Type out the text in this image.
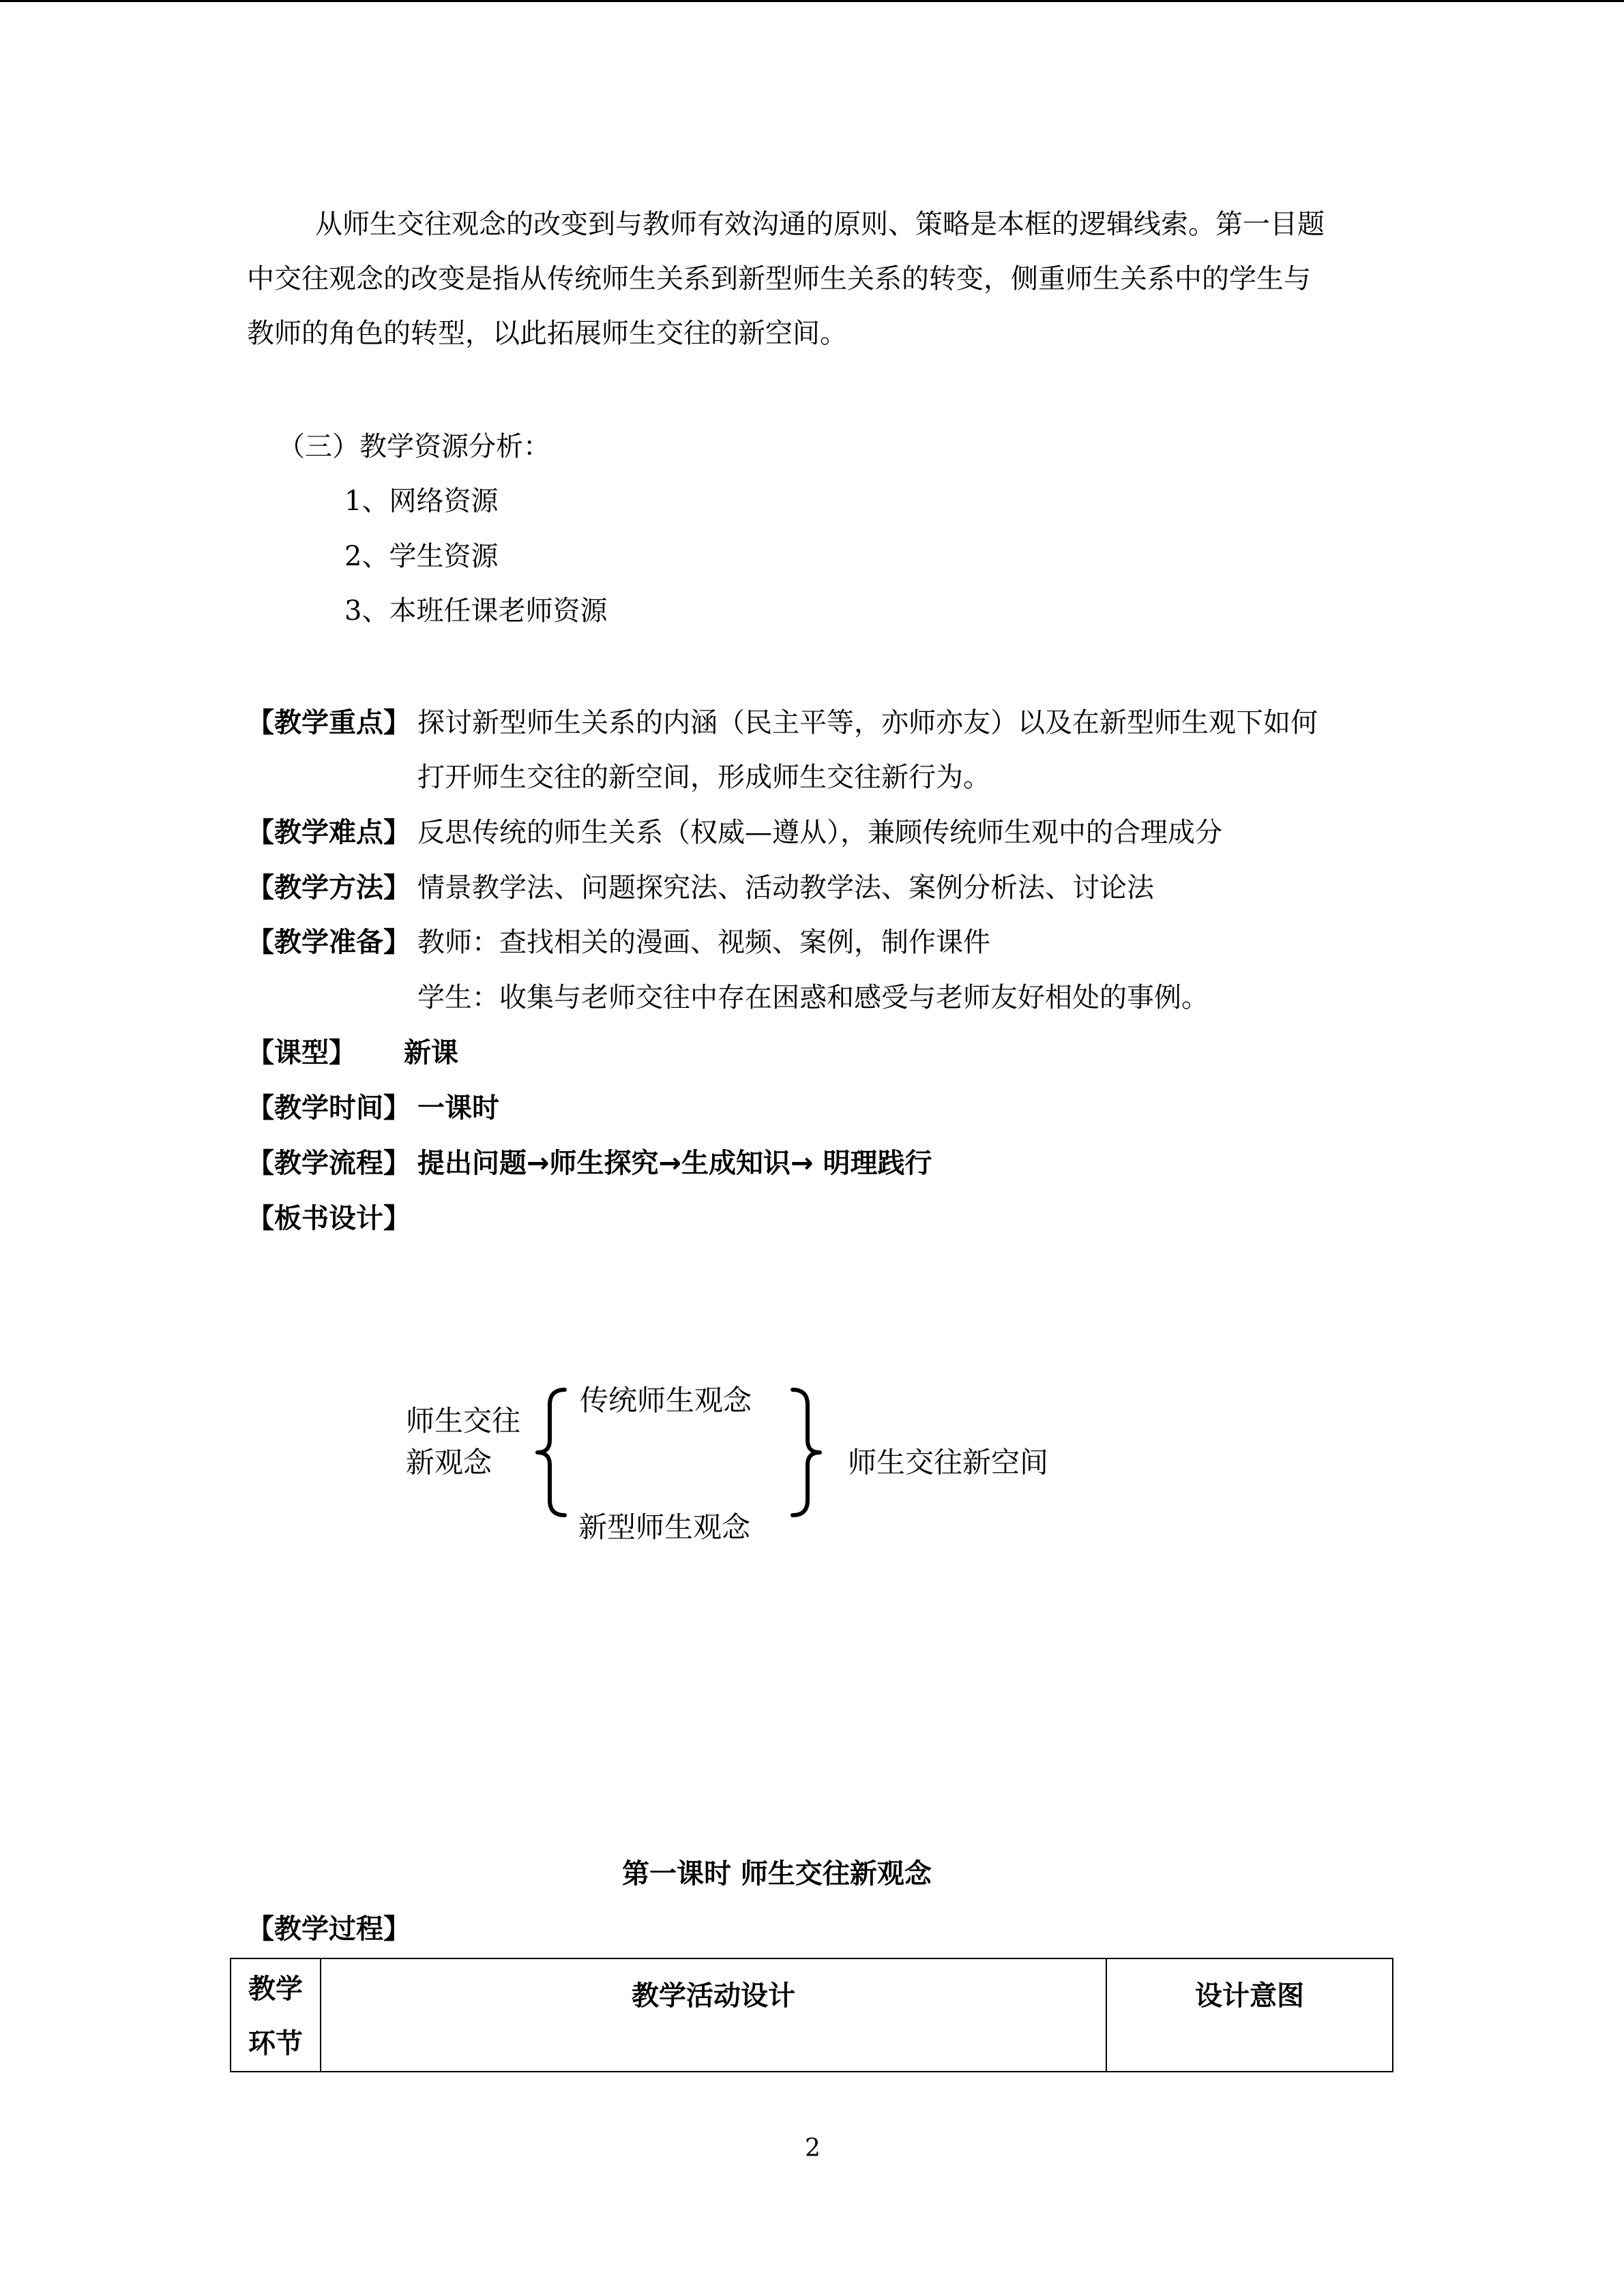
从师生交往观念的改变到与教师有效沟通的原则、策略是本框的逻辑线索。第一目题
中交往观念的改变是指从传统师生关系到新型师生关系的转变，侧重师生关系中的学生与
教师的角色的转型，以此拓展师生交往的新空间。
（三）教学资源分析：
1、网络资源
2、学生资源
3、本班任课老师资源
【教学重点】 探讨新型师生关系的内涵（民主平等，亦师亦友）以及在新型师生观下如何
打开师生交往的新空间，形成师生交往新行为。
【教学难点】 反思传统的师生关系（权威—遵从），兼顾传统师生观中的合理成分
【教学方法】 情景教学法、问题探究法、活动教学法、案例分析法、讨论法
【教学准备】 教师：查找相关的漫画、视频、案例，制作课件
学生：收集与老师交往中存在困惑和感受与老师友好相处的事例。
【课型】 新课
【教学时间】 一课时
【教学流程】 提出问题→师生探究→生成知识→ 明理践行
【板书设计】
师生交往
新观念
传统师生观念
新型师生观念
师生交往新空间
第一课时 师生交往新观念
【教学过程】
教学
环节
	教学活动设计	设计意图
2
